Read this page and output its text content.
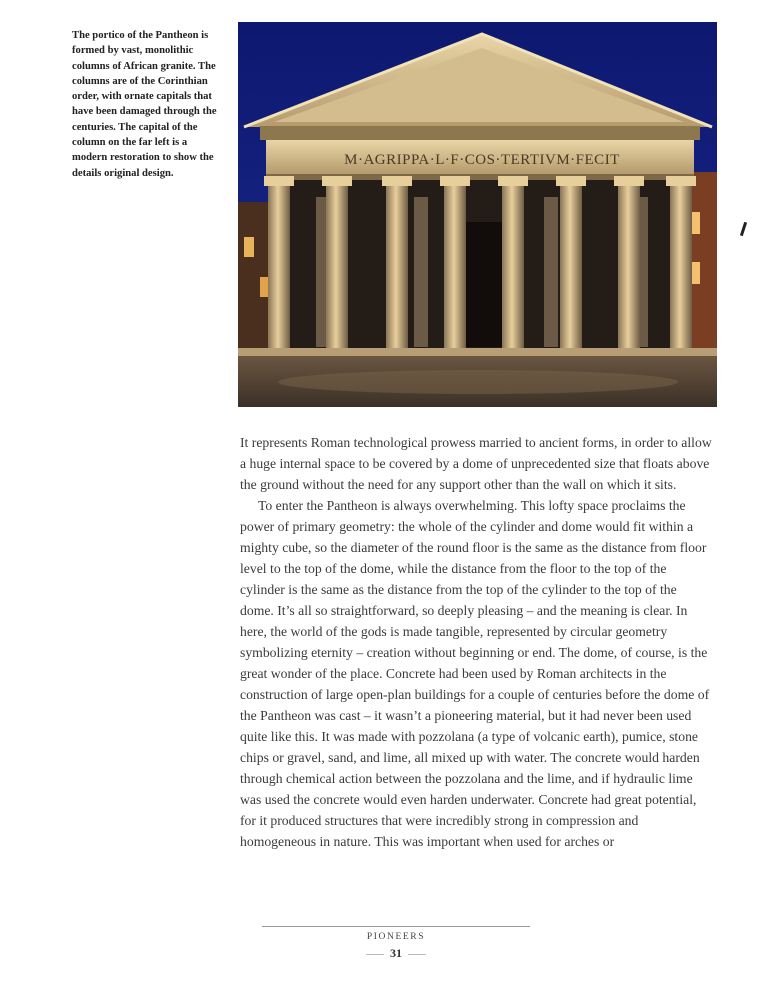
The portico of the Pantheon is formed by vast, monolithic columns of African granite. The columns are of the Corinthian order, with ornate capitals that have been damaged through the centuries. The capital of the column on the far left is a modern restoration to show the details original design.

M·AGRIPPA·L·F·COS·TERTIVM·FECIT

It represents Roman technological prowess married to ancient forms, in order to allow a huge internal space to be covered by a dome of unprecedented size that floats above the ground without the need for any support other than the wall on which it sits.

To enter the Pantheon is always overwhelming. This lofty space proclaims the power of primary geometry: the whole of the cylinder and dome would fit within a mighty cube, so the diameter of the round floor is the same as the distance from floor level to the top of the dome, while the distance from the floor to the top of the cylinder is the same as the distance from the top of the cylinder to the top of the dome. It’s all so straightforward, so deeply pleasing – and the meaning is clear. In here, the world of the gods is made tangible, represented by circular geometry symbolizing eternity – creation without beginning or end. The dome, of course, is the great wonder of the place. Concrete had been used by Roman architects in the construction of large open-plan buildings for a couple of centuries before the dome of the Pantheon was cast – it wasn’t a pioneering material, but it had never been used quite like this. It was made with pozzolana (a type of volcanic earth), pumice, stone chips or gravel, sand, and lime, all mixed up with water. The concrete would harden through chemical action between the pozzolana and the lime, and if hydraulic lime was used the concrete would even harden underwater. Concrete had great potential, for it produced structures that were incredibly strong in compression and homogeneous in nature. This was important when used for arches or

PIONEERS
31
